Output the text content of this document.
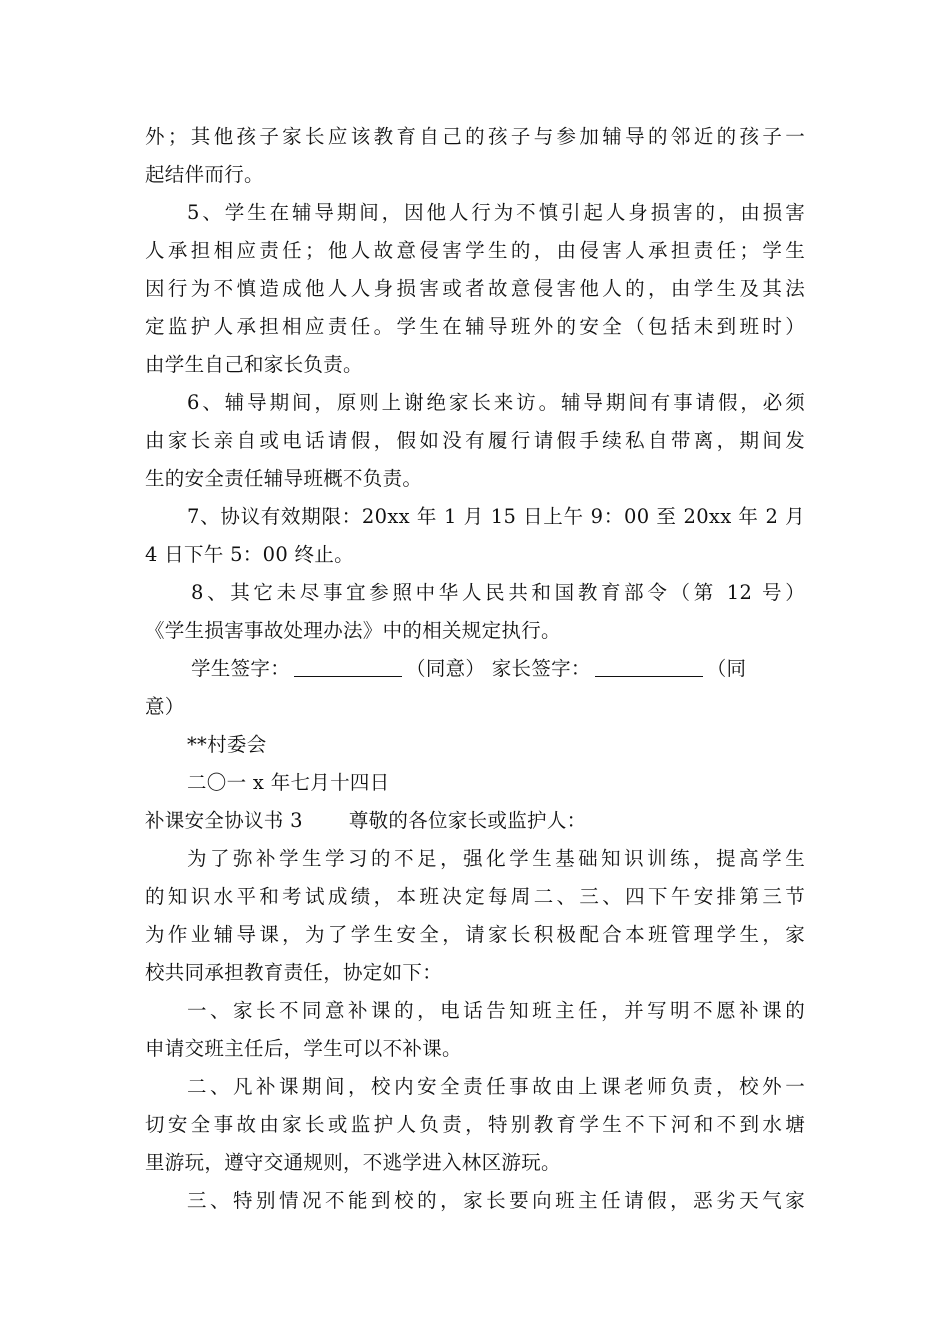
外；其他孩子家长应该教育自己的孩子与参加辅导的邻近的孩子一
起结伴而行。
5、学生在辅导期间，因他人行为不慎引起人身损害的，由损害
人承担相应责任；他人故意侵害学生的，由侵害人承担责任；学生
因行为不慎造成他人人身损害或者故意侵害他人的，由学生及其法
定监护人承担相应责任。学生在辅导班外的安全（包括未到班时）
由学生自己和家长负责。
6、辅导期间，原则上谢绝家长来访。辅导期间有事请假，必须
由家长亲自或电话请假，假如没有履行请假手续私自带离，期间发
生的安全责任辅导班概不负责。
7、协议有效期限：20xx 年 1 月 15 日上午 9：00 至 20xx 年 2 月
4 日下午 5：00 终止。
8、其它未尽事宜参照中华人民共和国教育部令（第 12 号）
《学生损害事故处理办法》中的相关规定执行。
学生签字：	（同意） 家长签字：	（同
意）
**村委会
二〇一 x 年七月十四日
补课安全协议书 3 尊敬的各位家长或监护人：
为了弥补学生学习的不足，强化学生基础知识训练，提高学生
的知识水平和考试成绩，本班决定每周二、三、四下午安排第三节
为作业辅导课，为了学生安全，请家长积极配合本班管理学生，家
校共同承担教育责任，协定如下：
一、家长不同意补课的，电话告知班主任，并写明不愿补课的
申请交班主任后，学生可以不补课。
二、凡补课期间，校内安全责任事故由上课老师负责，校外一
切安全事故由家长或监护人负责，特别教育学生不下河和不到水塘
里游玩，遵守交通规则，不逃学进入林区游玩。
三、特别情况不能到校的，家长要向班主任请假，恶劣天气家
